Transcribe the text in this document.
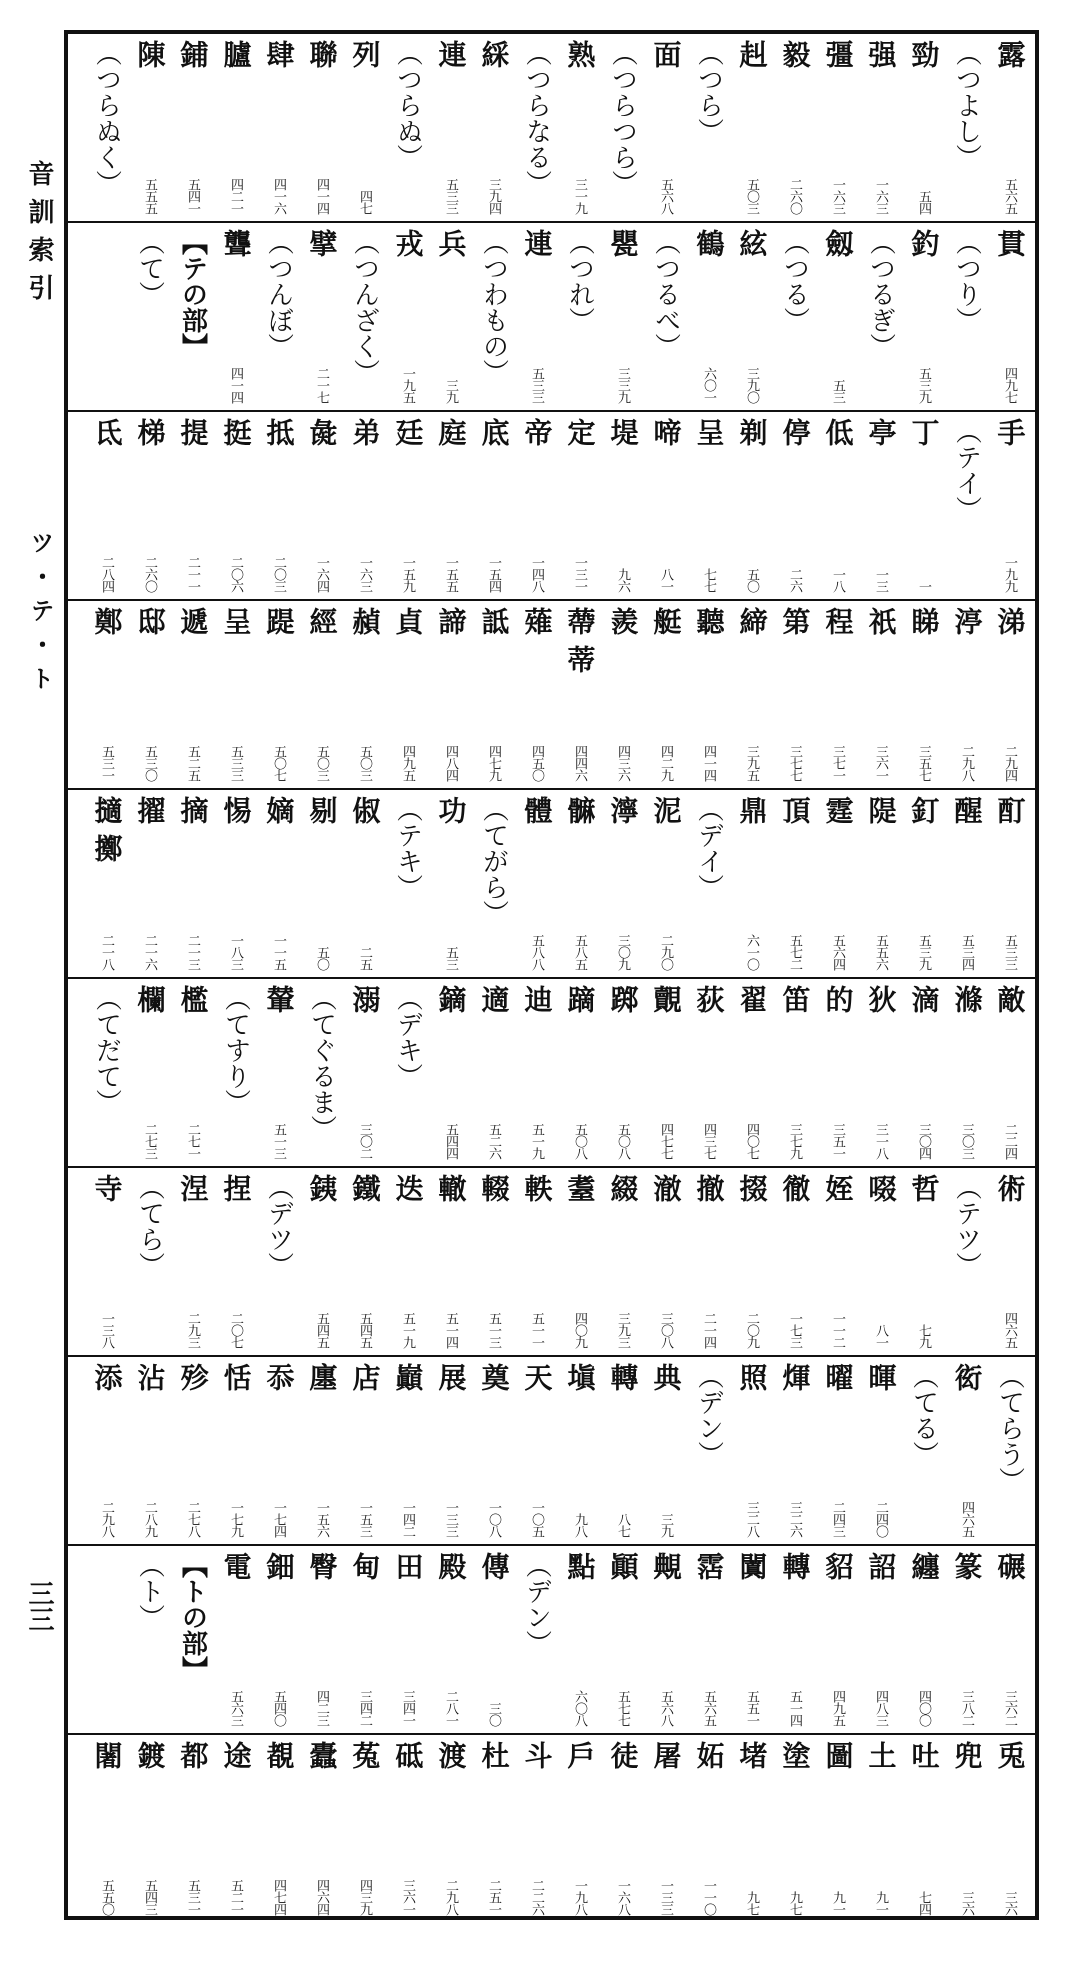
音訓索引
ツ・テ・ト
三三
露
五六五
（つよし）
勁
五四
强
一六三
彊
一六三
毅
二六〇
赳
五〇三
（つら）
面
五六八
（つらつら）
熟
三一九
（つらなる）
綵
三九四
連
五三三
（つらぬ）
列
四七
聯
四一四
肆
四一六
臚
四二一
鋪
五四一
陳
五五五
（つらぬく）
貫
四九七
（つり）
釣
五三九
（つるぎ）
劔
五三
（つる）
絃
三九〇
鶴
六〇一
（つるべ）
甖
三三九
（つれ）
連
五三三
（つわもの）
兵
三九
戎
一九五
（つんざく）
擘
二一七
（つんぼ）
聾
四一四
【テの部】
（て）
手
一九九
（テイ）
丁
一
亭
一三
低
一八
停
二六
剃
五〇
呈
七七
啼
八一
堤
九六
定
一三一
帝
一四八
底
一五四
庭
一五五
廷
一五九
弟
一六三
彘
一六四
抵
二〇三
挺
二〇六
提
二一一
梯
二六〇
氐
二八四
涕
二九四
渟
二九八
睇
三五七
祇
三六一
程
三七一
第
三七七
締
三九五
聽
四一四
艇
四二九
羨
四三六
蔕 蒂
四四六
薙
四五〇
詆
四七九
諦
四八四
貞
四九五
赬
五〇三
經
五〇三
踶
五〇七
呈
五三三
遞
五二五
邸
五三〇
鄭
五三一
酊
五三三
醒
五三四
釘
五三九
隄
五五六
霆
五六四
頂
五七二
鼎
六一〇
（デイ）
泥
二九〇
濘
三〇九
髍
五八五
體
五八八
（てがら）
功
五三
（テキ）
俶
二五
剔
五〇
嫡
一一五
惕
一八三
摘
二一三
擢
二一六
擿 擲
二一八
敵
二二四
滌
三〇三
滴
三〇四
狄
三一八
的
三五一
笛
三七九
翟
四〇七
荻
四三七
覿
四七七
踯
五〇八
蹢
五〇八
迪
五一九
適
五二六
鏑
五四四
（デキ）
溺
三〇二
（てぐるま）
輦
五一三
（てすり）
檻
二七一
欄
二七三
（てだて）
術
四六五
（テツ）
哲
七九
啜
八一
姪
一一二
徹
一七三
掇
二〇九
撤
二一四
澈
三〇八
綴
三九三
耋
四〇九
軼
五一一
輟
五一三
轍
五一四
迭
五一九
鐵
五四五
銕
五四五
（デツ）
捏
二〇七
涅
二九三
（てら）
寺
一三八
（てらう）
衒
四六五
（てる）
暉
二四〇
曜
二四三
煇
三二六
照
三二八
（デン）
典
三九
轉
八七
塡
九八
天
一〇五
奠
一〇八
展
一三三
巓
一四二
店
一五三
廛
一五六
忝
一七四
恬
一七九
殄
二七八
沾
二八九
添
二九八
碾
三六二
篆
三八二
纏
四〇〇
詔
四八三
貂
四九五
轉
五一四
闐
五五一
霑
五六五
覥
五六八
顚
五七七
點
六〇八
（デン）
傳
三〇
殿
二八一
田
三四一
甸
三四二
臀
四二三
鈿
五四〇
電
五六三
【トの部】
（ト）
兎
三六
兜
三六
吐
七四
土
九一
圖
九一
塗
九七
堵
九七
妬
一一〇
屠
一三三
徒
一六八
戶
一九八
斗
二二六
杜
二五一
渡
二九八
砥
三六一
菟
四三九
蠹
四六四
覩
四七四
途
五二一
都
五三一
鍍
五四三
闍
五五〇
